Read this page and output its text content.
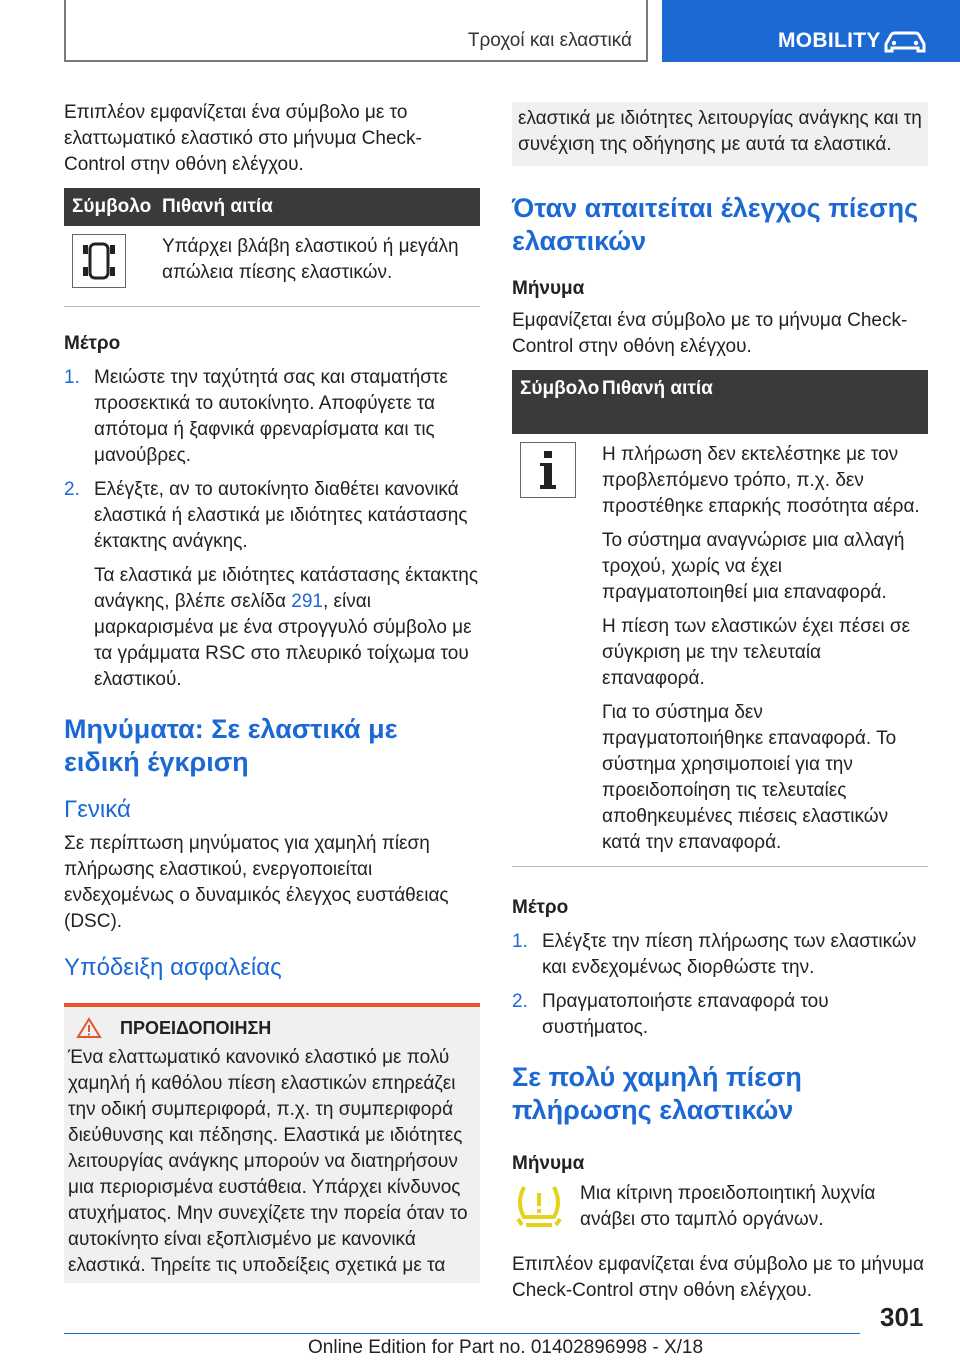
Τροχοί και ελαστικά	MOBILITY

Επιπλέον εμφανίζεται ένα σύμβολο με το ελαττωματικό ελαστικό στο μήνυμα Check-Control στην οθόνη ελέγχου.

Σύμβολο Πιθανή αιτία

Υπάρχει βλάβη ελαστικού ή μεγάλη απώλεια πίεσης ελαστικών.

Μέτρο
1. Μειώστε την ταχύτητά σας και σταματήστε προσεκτικά το αυτοκίνητο. Αποφύγετε τα απότομα ή ξαφνικά φρεναρίσματα και τις μανούβρες.

2. Ελέγξτε, αν το αυτοκίνητο διαθέτει κανονικά ελαστικά ή ελαστικά με ιδιότητες κατάστασης έκτακτης ανάγκης.

Τα ελαστικά με ιδιότητες κατάστασης έκτακτης ανάγκης, βλέπε σελίδα 291, είναι μαρκαρισμένα με ένα στρογγυλό σύμβολο με τα γράμματα RSC στο πλευρικό τοίχωμα του ελαστικού.

Μηνύματα: Σε ελαστικά με ειδική έγκριση
Γενικά

Σε περίπτωση μηνύματος για χαμηλή πίεση πλήρωσης ελαστικού, ενεργοποιείται ενδεχομένως ο δυναμικός έλεγχος ευστάθειας (DSC).

Υπόδειξη ασφαλείας
ΠΡΟΕΙΔΟΠΟΙΗΣΗ

Ένα ελαττωματικό κανονικό ελαστικό με πολύ χαμηλή ή καθόλου πίεση ελαστικών επηρεάζει την οδική συμπεριφορά, π.χ. τη συμπεριφορά διεύθυνσης και πέδησης. Ελαστικά με ιδιότητες λειτουργίας ανάγκης μπορούν να διατηρήσουν μια περιορισμένα ευστάθεια. Υπάρχει κίνδυνος ατυχήματος. Μην συνεχίζετε την πορεία όταν το αυτοκίνητο είναι εξοπλισμένο με κανονικά ελαστικά. Τηρείτε τις υποδείξεις σχετικά με τα

ελαστικά με ιδιότητες λειτουργίας ανάγκης και τη συνέχιση της οδήγησης με αυτά τα ελαστικά.

Όταν απαιτείται έλεγχος πίεσης ελαστικών
Μήνυμα

Εμφανίζεται ένα σύμβολο με το μήνυμα Check-Control στην οθόνη ελέγχου.

Σύμβολο Πιθανή αιτία

Η πλήρωση δεν εκτελέστηκε με τον προβλεπόμενο τρόπο, π.χ. δεν προστέθηκε επαρκής ποσότητα αέρα.

Το σύστημα αναγνώρισε μια αλλαγή τροχού, χωρίς να έχει πραγματοποιηθεί μια επαναφορά.

Η πίεση των ελαστικών έχει πέσει σε σύγκριση με την τελευταία επαναφορά.

Για το σύστημα δεν πραγματοποιήθηκε επαναφορά. Το σύστημα χρησιμοποιεί για την προειδοποίηση τις τελευταίες αποθηκευμένες πιέσεις ελαστικών κατά την επαναφορά.

Μέτρο
1. Ελέγξτε την πίεση πλήρωσης των ελαστικών και ενδεχομένως διορθώστε την.

2. Πραγματοποιήστε επαναφορά του συστήματος.

Σε πολύ χαμηλή πίεση πλήρωσης ελαστικών
Μήνυμα

Μια κίτρινη προειδοποιητική λυχνία ανάβει στο ταμπλό οργάνων.

Επιπλέον εμφανίζεται ένα σύμβολο με το μήνυμα Check-Control στην οθόνη ελέγχου.

301
Online Edition for Part no. 01402896998 - X/18
